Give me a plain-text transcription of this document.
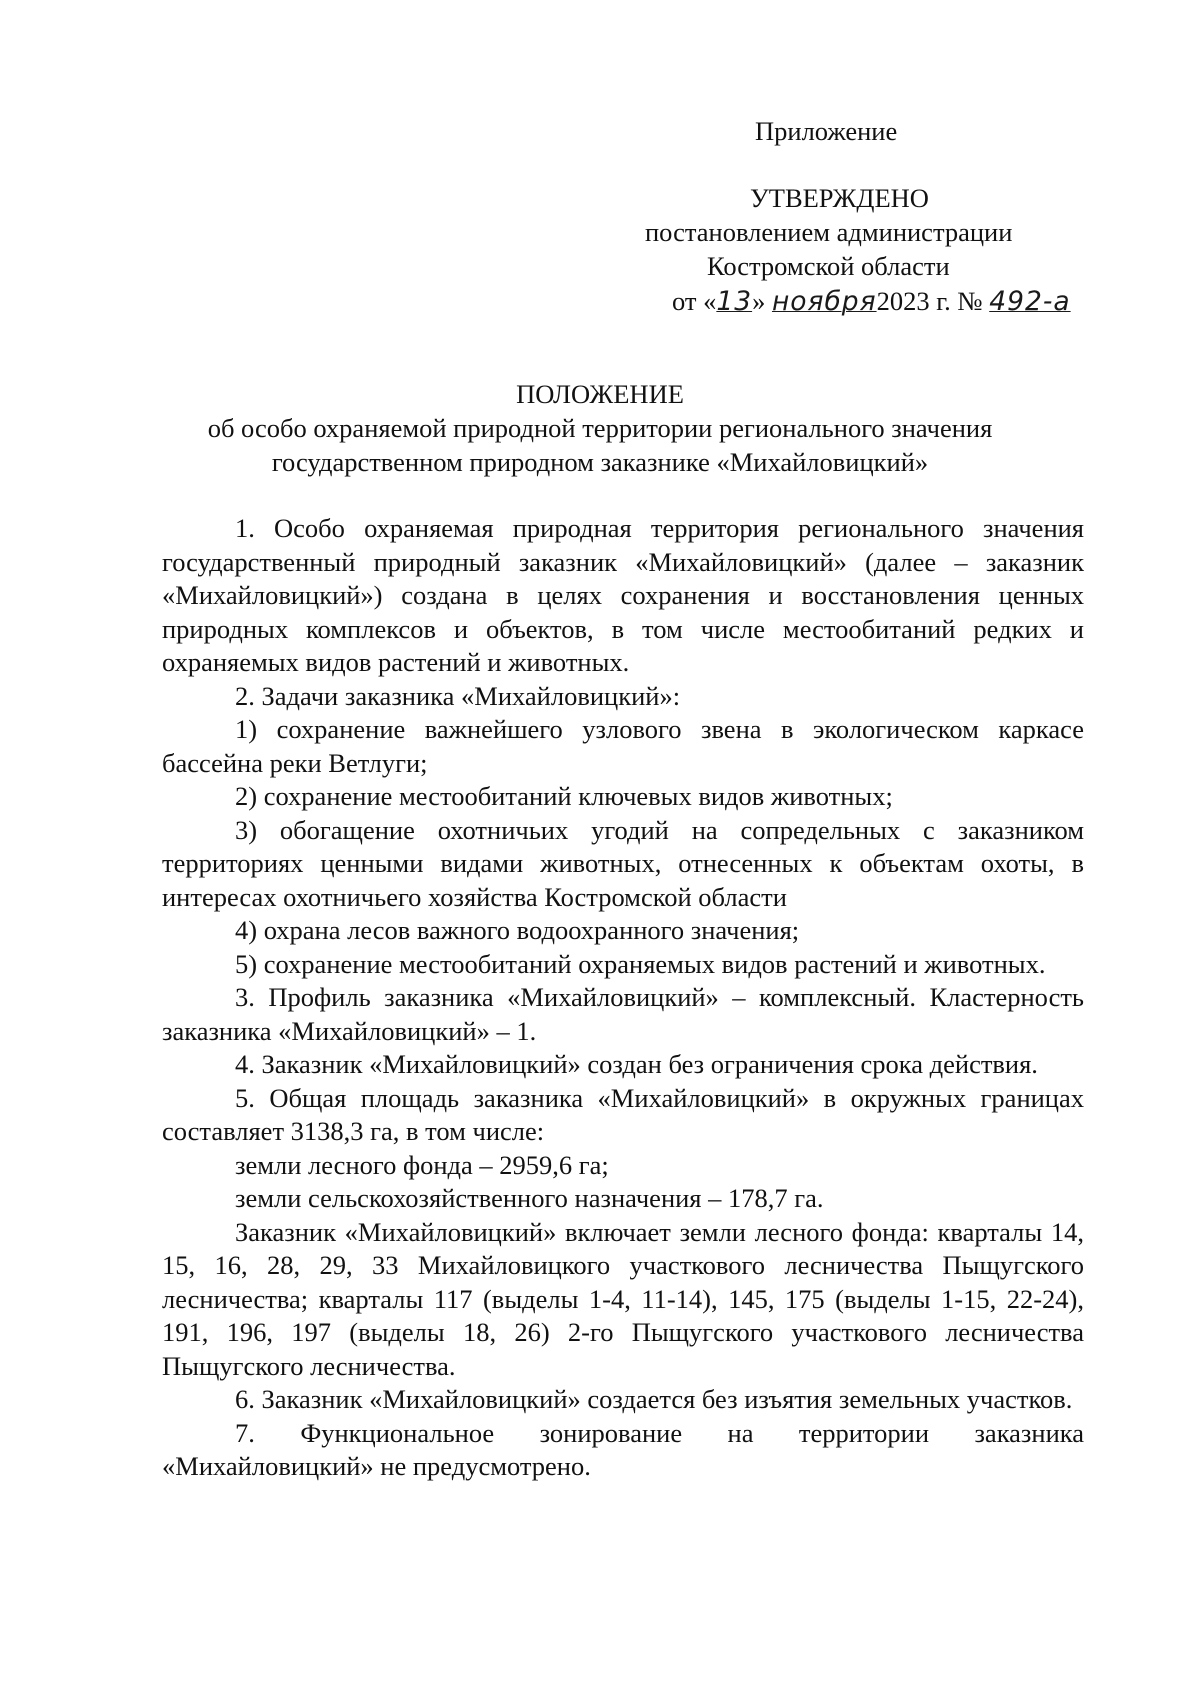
Приложение
УТВЕРЖДЕНО
постановлением администрации
Костромской области
от «13» ноября2023 г. № 492-а
ПОЛОЖЕНИЕ
об особо охраняемой природной территории регионального значения
государственном природном заказнике «Михайловицкий»

1. Особо охраняемая природная территория регионального значения государственный природный заказник «Михайловицкий» (далее – заказник «Михайловицкий») создана в целях сохранения и восстановления ценных природных комплексов и объектов, в том числе местообитаний редких и охраняемых видов растений и животных.

2. Задачи заказника «Михайловицкий»:

1) сохранение важнейшего узлового звена в экологическом каркасе бассейна реки Ветлуги;

2) сохранение местообитаний ключевых видов животных;

3) обогащение охотничьих угодий на сопредельных с заказником территориях ценными видами животных, отнесенных к объектам охоты, в интересах охотничьего хозяйства Костромской области

4) охрана лесов важного водоохранного значения;

5) сохранение местообитаний охраняемых видов растений и животных.

3. Профиль заказника «Михайловицкий» – комплексный. Кластерность заказника «Михайловицкий» – 1.

4. Заказник «Михайловицкий» создан без ограничения срока действия.

5. Общая площадь заказника «Михайловицкий» в окружных границах составляет 3138,3 га, в том числе:

земли лесного фонда – 2959,6 га;

земли сельскохозяйственного назначения – 178,7 га.

Заказник «Михайловицкий» включает земли лесного фонда: кварталы 14, 15, 16, 28, 29, 33 Михайловицкого участкового лесничества Пыщугского лесничества; кварталы 117 (выделы 1-4, 11-14), 145, 175 (выделы 1-15, 22-24), 191, 196, 197 (выделы 18, 26) 2-го Пыщугского участкового лесничества Пыщугского лесничества.

6. Заказник «Михайловицкий» создается без изъятия земельных участков.

7. Функциональное зонирование на территории заказника «Михайловицкий» не предусмотрено.
